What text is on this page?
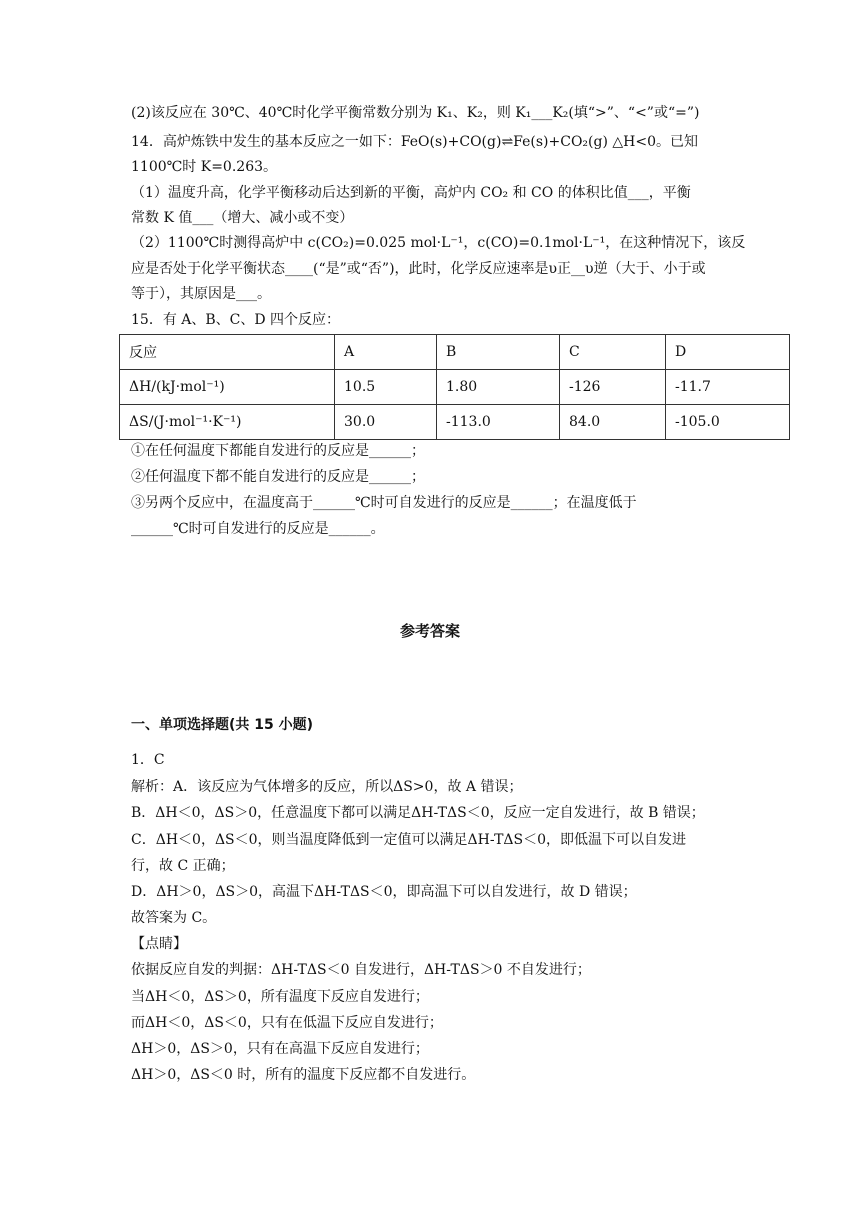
(2)该反应在 30℃、40℃时化学平衡常数分别为 K₁、K₂，则 K₁___K₂(填“>”、“<”或“=”)
14．高炉炼铁中发生的基本反应之一如下：FeO(s)+CO(g)⇌Fe(s)+CO₂(g) △H<0。已知
1100℃时 K=0.263。
（1）温度升高，化学平衡移动后达到新的平衡，高炉内 CO₂ 和 CO 的体积比值___，平衡
常数 K 值___（增大、减小或不变）
（2）1100℃时测得高炉中 c(CO₂)=0.025 mol·L⁻¹，c(CO)=0.1mol·L⁻¹，在这种情况下，该反
应是否处于化学平衡状态____(“是”或“否”)，此时，化学反应速率是υ正__υ逆（大于、小于或
等于），其原因是___。
15．有 A、B、C、D 四个反应：
反应	A	B	C	D
ΔH/(kJ·mol⁻¹)	10.5	1.80	-126	-11.7
ΔS/(J·mol⁻¹·K⁻¹)	30.0	-113.0	84.0	-105.0
①在任何温度下都能自发进行的反应是______；
②任何温度下都不能自发进行的反应是______；
③另两个反应中，在温度高于______℃时可自发进行的反应是______；在温度低于
______℃时可自发进行的反应是______。
参考答案
一、单项选择题(共 15 小题)
1．C
解析：A．该反应为气体增多的反应，所以ΔS>0，故 A 错误；
B．ΔH＜0，ΔS＞0，任意温度下都可以满足ΔH-TΔS＜0，反应一定自发进行，故 B 错误；
C．ΔH＜0，ΔS＜0，则当温度降低到一定值可以满足ΔH-TΔS＜0，即低温下可以自发进
行，故 C 正确；
D．ΔH＞0，ΔS＞0，高温下ΔH-TΔS＜0，即高温下可以自发进行，故 D 错误；
故答案为 C。
【点睛】
依据反应自发的判据：ΔH-TΔS＜0 自发进行，ΔH-TΔS＞0 不自发进行；
当ΔH＜0，ΔS＞0，所有温度下反应自发进行；
而ΔH＜0，ΔS＜0，只有在低温下反应自发进行；
ΔH＞0，ΔS＞0，只有在高温下反应自发进行；
ΔH＞0，ΔS＜0 时，所有的温度下反应都不自发进行。
